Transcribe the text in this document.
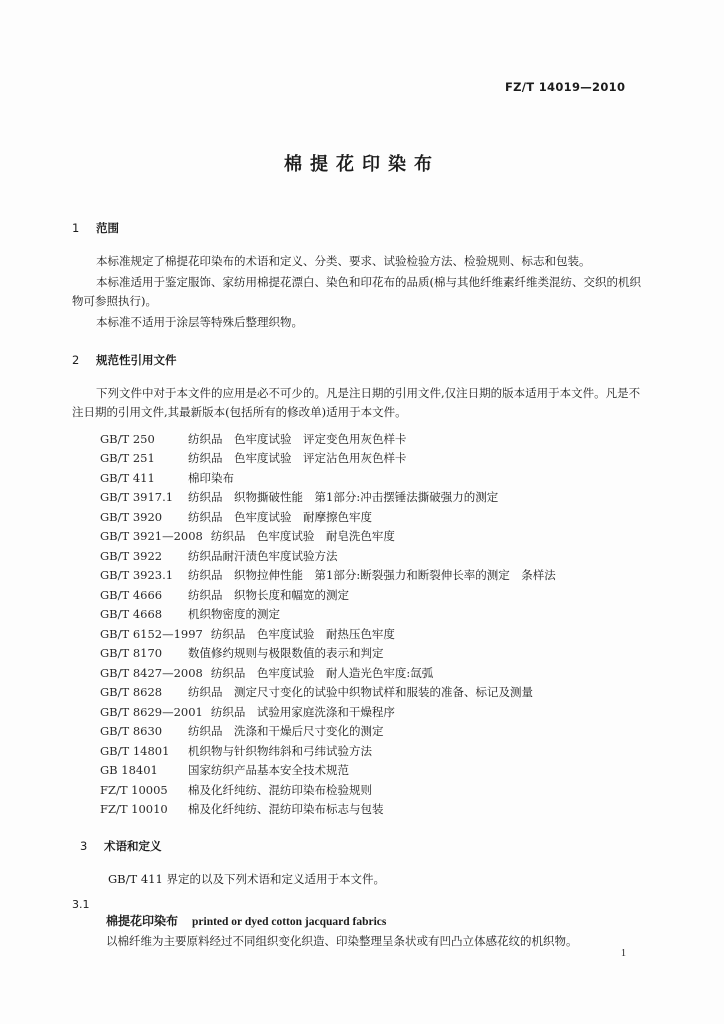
FZ/T 14019—2010
棉提花印染布
1 范围
本标准规定了棉提花印染布的术语和定义、分类、要求、试验检验方法、检验规则、标志和包装。
本标准适用于鉴定服饰、家纺用棉提花漂白、染色和印花布的品质(棉与其他纤维素纤维类混纺、交织的机织物可参照执行)。
本标准不适用于涂层等特殊后整理织物。
2 规范性引用文件
下列文件中对于本文件的应用是必不可少的。凡是注日期的引用文件,仅注日期的版本适用于本文件。凡是不注日期的引用文件,其最新版本(包括所有的修改单)适用于本文件。
GB/T 250	纺织品　色牢度试验　评定变色用灰色样卡
GB/T 251	纺织品　色牢度试验　评定沾色用灰色样卡
GB/T 411	棉印染布
GB/T 3917.1	纺织品　织物撕破性能　第1部分:冲击摆锤法撕破强力的测定
GB/T 3920	纺织品　色牢度试验　耐摩擦色牢度
GB/T 3921—2008 纺织品　色牢度试验　耐皂洗色牢度
GB/T 3922	纺织品耐汗渍色牢度试验方法
GB/T 3923.1	纺织品　织物拉伸性能　第1部分:断裂强力和断裂伸长率的测定　条样法
GB/T 4666	纺织品　织物长度和幅宽的测定
GB/T 4668	机织物密度的测定
GB/T 6152—1997 纺织品　色牢度试验　耐热压色牢度
GB/T 8170	数值修约规则与极限数值的表示和判定
GB/T 8427—2008 纺织品　色牢度试验　耐人造光色牢度:氙弧
GB/T 8628	纺织品　测定尺寸变化的试验中织物试样和服装的准备、标记及测量
GB/T 8629—2001 纺织品　试验用家庭洗涤和干燥程序
GB/T 8630	纺织品　洗涤和干燥后尺寸变化的测定
GB/T 14801	机织物与针织物纬斜和弓纬试验方法
GB 18401	国家纺织产品基本安全技术规范
FZ/T 10005	棉及化纤纯纺、混纺印染布检验规则
FZ/T 10010	棉及化纤纯纺、混纺印染布标志与包装
3 术语和定义
GB/T 411 界定的以及下列术语和定义适用于本文件。
3.1
棉提花印染布 printed or dyed cotton jacquard fabrics
以棉纤维为主要原料经过不同组织变化织造、印染整理呈条状或有凹凸立体感花纹的机织物。
1
